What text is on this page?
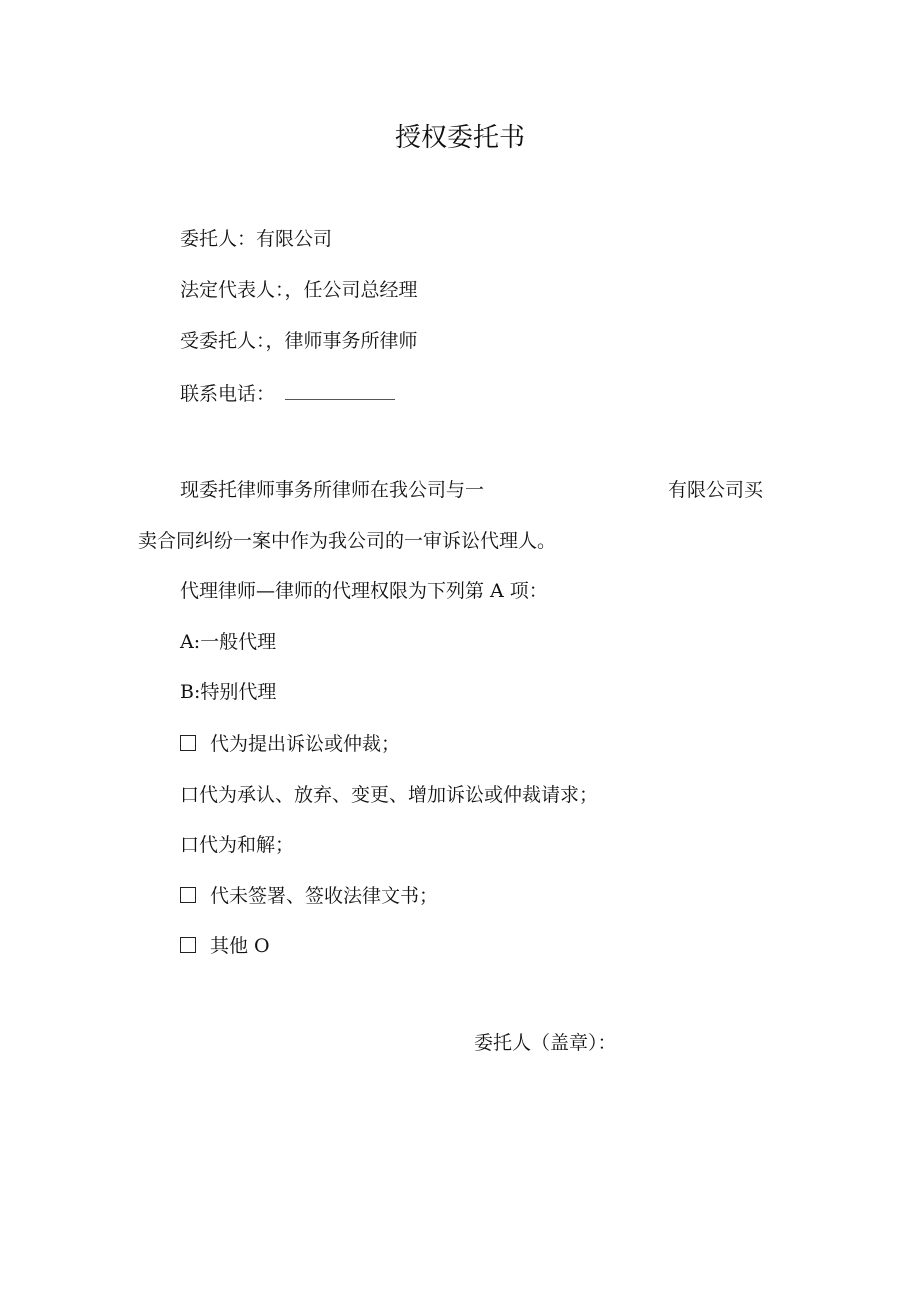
授权委托书
委托人：有限公司
法定代表人：，任公司总经理
受委托人：，律师事务所律师
联系电话：
现委托律师事务所律师在我公司与一	有限公司买
卖合同纠纷一案中作为我公司的一审诉讼代理人。
代理律师—律师的代理权限为下列第 A 项：
A:一般代理
B:特别代理
代为提出诉讼或仲裁；
口代为承认、放弃、变更、增加诉讼或仲裁请求；
口代为和解；
代未签署、签收法律文书；
其他 O
委托人（盖章）：
